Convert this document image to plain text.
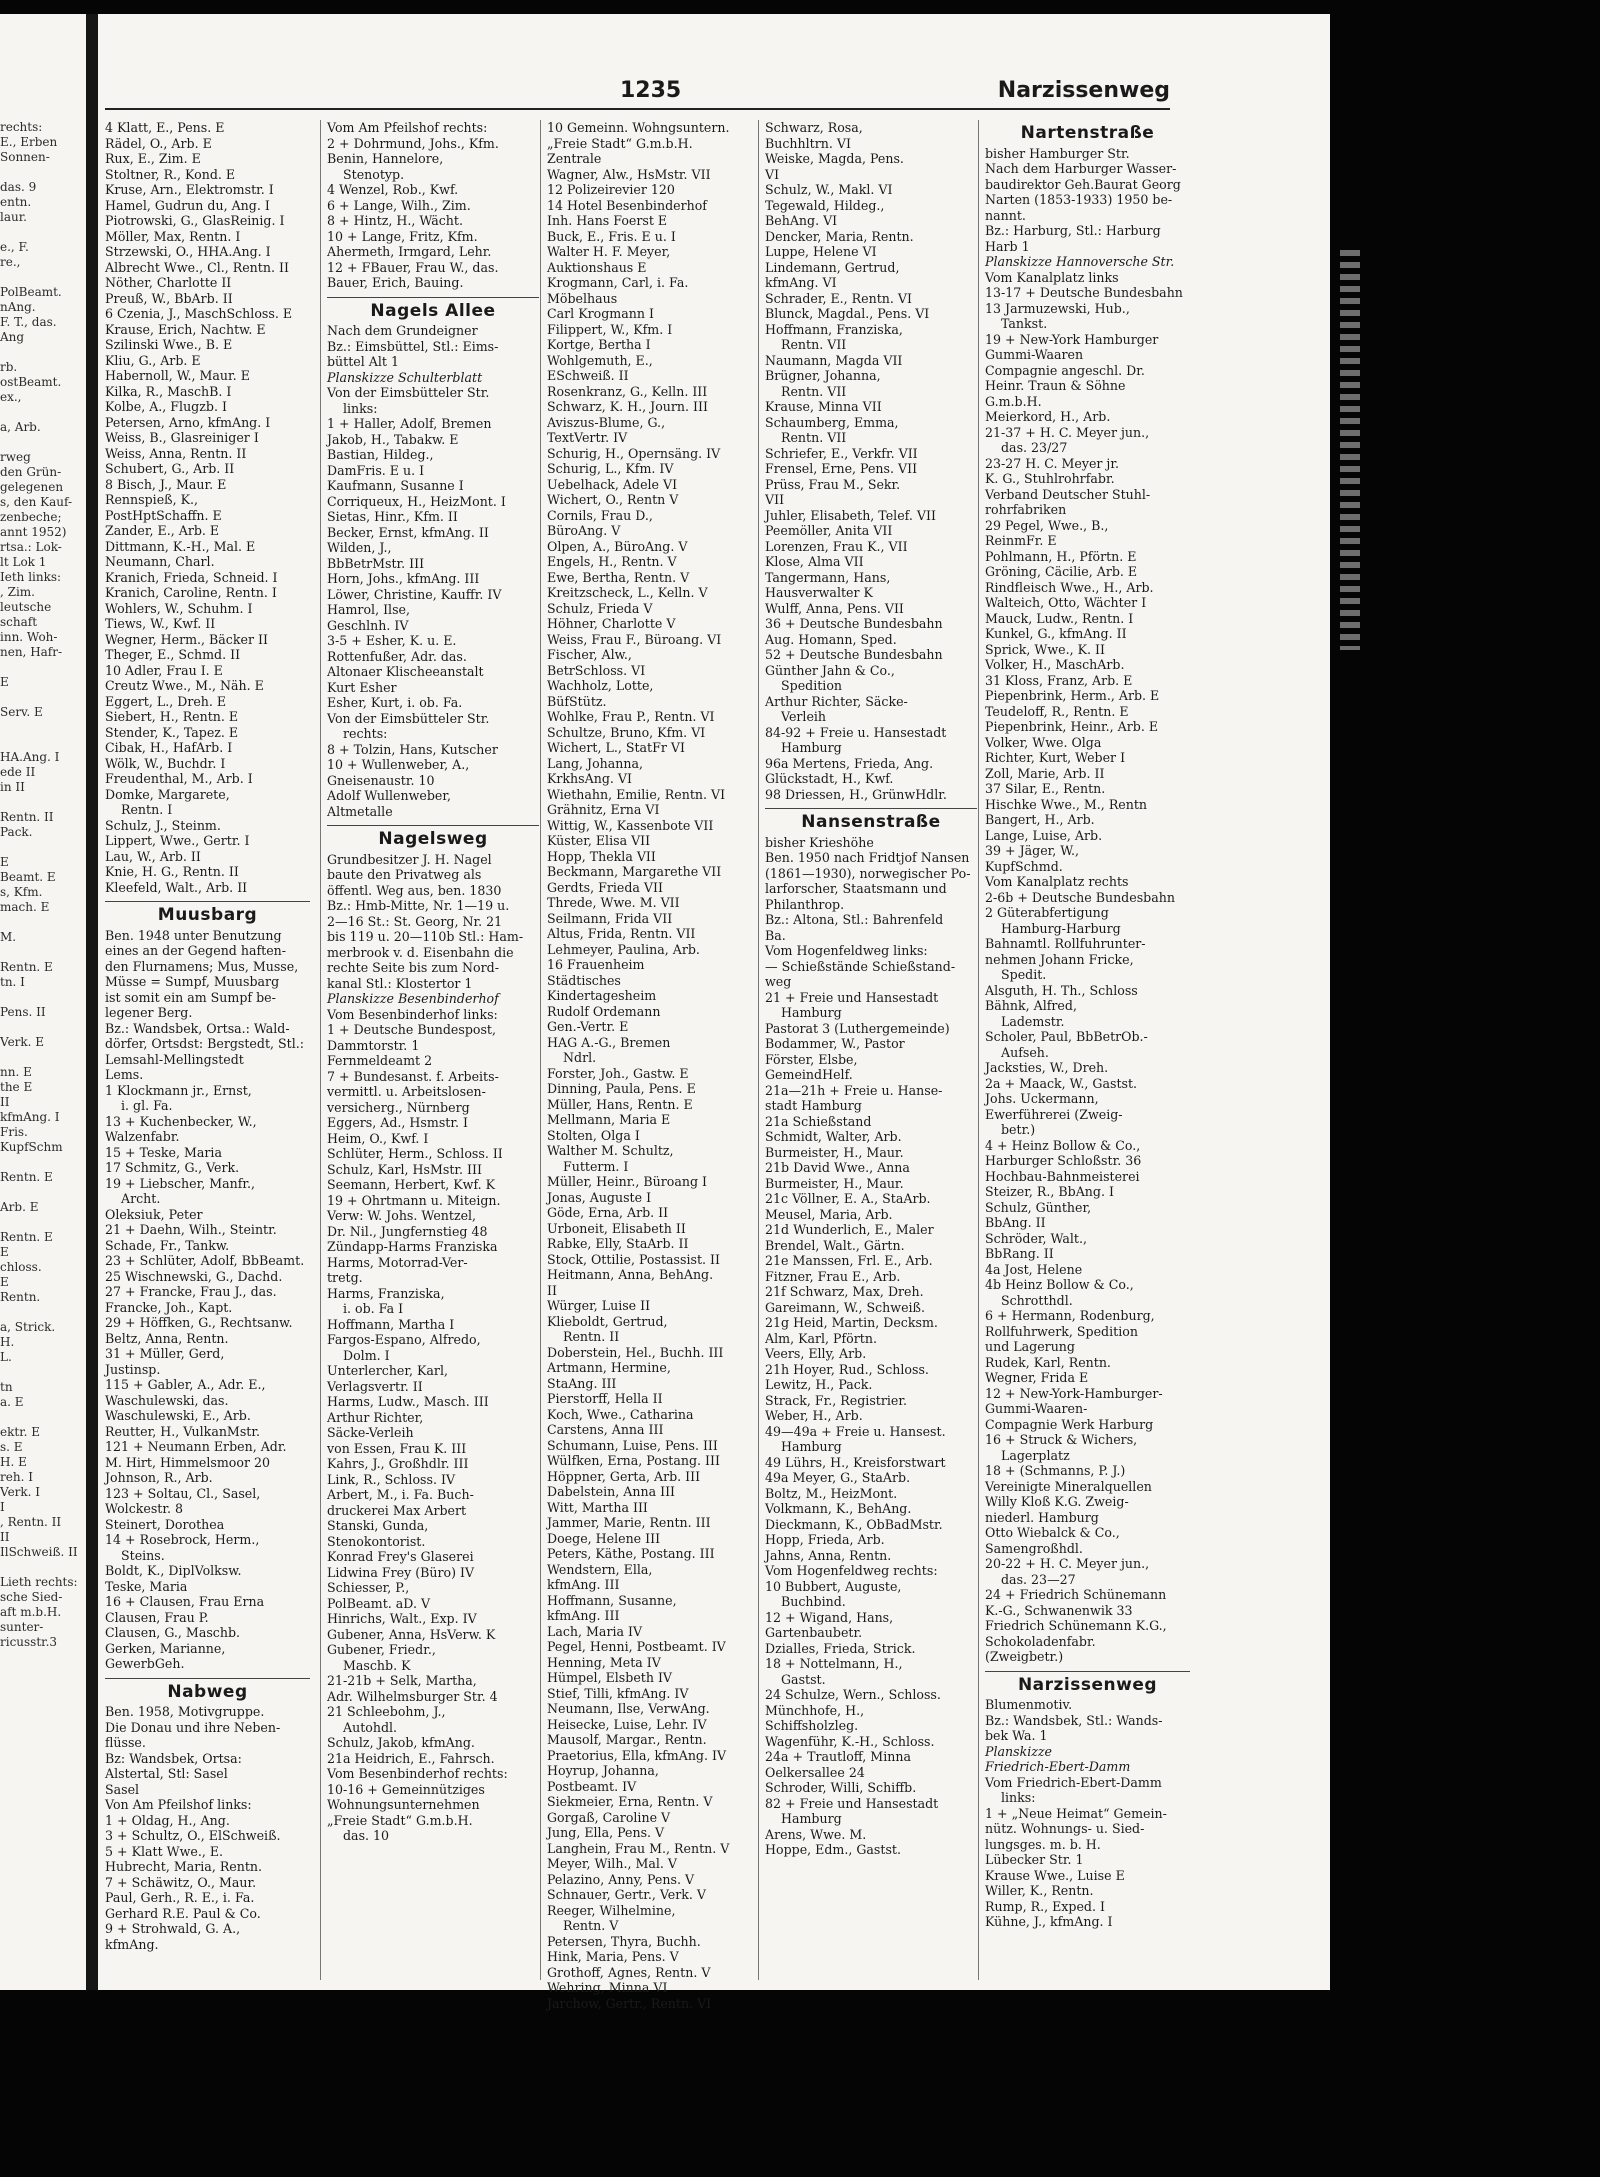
rechts:
E., Erben
Sonnen-

das. 9
entn.
laur.

e., F.
re.,

PolBeamt.
nAng.
F. T., das.
Ang

rb.
ostBeamt.
ex.,

a, Arb.

rweg
den Grün-
gelegenen
s, den Kauf-
zenbeche;
annt 1952)
rtsa.: Lok-
lt Lok 1
Ieth links:
, Zim.
leutsche
schaft
inn. Woh-
nen, Hafr-

E

Serv. E

HA.Ang. I
ede II
in II

Rentn. II
Pack.

E
Beamt. E
s, Kfm.
mach. E

M.

Rentn. E
tn. I

Pens. II

Verk. E

nn. E
the E
II
kfmAng. I
Fris.
KupfSchm

Rentn. E

Arb. E

Rentn. E
E
chloss.
E
Rentn.

a, Strick.
H.
L.

tn
a. E

ektr. E
s. E
H. E
reh. I
Verk. I
I
, Rentn. II
II
IlSchweiß. II

Lieth rechts:
sche Sied-
aft m.b.H.
sunter-
ricusstr.3
1235	Narzissenweg
4 Klatt, E., Pens. E
Rädel, O., Arb. E
Rux, E., Zim. E
Stoltner, R., Kond. E
Kruse, Arn., Elektromstr. I
Hamel, Gudrun du, Ang. I
Piotrowski, G., GlasReinig. I
Möller, Max, Rentn. I
Strzewski, O., HHA.Ang. I
Albrecht Wwe., Cl., Rentn. II
Nöther, Charlotte II
Preuß, W., BbArb. II
6 Czenia, J., MaschSchloss. E
Krause, Erich, Nachtw. E
Szilinski Wwe., B. E
Kliu, G., Arb. E
Habernoll, W., Maur. E
Kilka, R., MaschB. I
Kolbe, A., Flugzb. I
Petersen, Arno, kfmAng. I
Weiss, B., Glasreiniger I
Weiss, Anna, Rentn. II
Schubert, G., Arb. II
8 Bisch, J., Maur. E
Rennspieß, K.,
PostHptSchaffn. E
Zander, E., Arb. E
Dittmann, K.-H., Mal. E
Neumann, Charl.
Kranich, Frieda, Schneid. I
Kranich, Caroline, Rentn. I
Wohlers, W., Schuhm. I
Tiews, W., Kwf. II
Wegner, Herm., Bäcker II
Theger, E., Schmd. II
10 Adler, Frau I. E
Creutz Wwe., M., Näh. E
Eggert, L., Dreh. E
Siebert, H., Rentn. E
Stender, K., Tapez. E
Cibak, H., HafArb. I
Wölk, W., Buchdr. I
Freudenthal, M., Arb. I
Domke, Margarete,
Rentn. I
Schulz, J., Steinm.
Lippert, Wwe., Gertr. I
Lau, W., Arb. II
Knie, H. G., Rentn. II
Kleefeld, Walt., Arb. II
Muusbarg
Ben. 1948 unter Benutzung
eines an der Gegend haften-
den Flurnamens; Mus, Musse,
Müsse = Sumpf, Muusbarg
ist somit ein am Sumpf be-
legener Berg.
Bz.: Wandsbek, Ortsa.: Wald-
dörfer, Ortsdst: Bergstedt, Stl.:
Lemsahl-Mellingstedt
Lems.
1 Klockmann jr., Ernst,
i. gl. Fa.
13 + Kuchenbecker, W.,
Walzenfabr.
15 + Teske, Maria
17 Schmitz, G., Verk.
19 + Liebscher, Manfr.,
Archt.
Oleksiuk, Peter
21 + Daehn, Wilh., Steintr.
Schade, Fr., Tankw.
23 + Schlüter, Adolf, BbBeamt.
25 Wischnewski, G., Dachd.
27 + Francke, Frau J., das.
Francke, Joh., Kapt.
29 + Höffken, G., Rechtsanw.
Beltz, Anna, Rentn.
31 + Müller, Gerd,
Justinsp.
115 + Gabler, A., Adr. E.,
Waschulewski, das.
Waschulewski, E., Arb.
Reutter, H., VulkanMstr.
121 + Neumann Erben, Adr.
M. Hirt, Himmelsmoor 20
Johnson, R., Arb.
123 + Soltau, Cl., Sasel,
Wolckestr. 8
Steinert, Dorothea
14 + Rosebrock, Herm.,
Steins.
Boldt, K., DiplVolksw.
Teske, Maria
16 + Clausen, Frau Erna
Clausen, Frau P.
Clausen, G., Maschb.
Gerken, Marianne,
GewerbGeh.
Nabweg
Ben. 1958, Motivgruppe.
Die Donau und ihre Neben-
flüsse.
Bz: Wandsbek, Ortsa:
Alstertal, Stl: Sasel
Sasel
Von Am Pfeilshof links:
1 + Oldag, H., Ang.
3 + Schultz, O., ElSchweiß.
5 + Klatt Wwe., E.
Hubrecht, Maria, Rentn.
7 + Schäwitz, O., Maur.
Paul, Gerh., R. E., i. Fa.
Gerhard R.E. Paul & Co.
9 + Strohwald, G. A.,
kfmAng.
Vom Am Pfeilshof rechts:
2 + Dohrmund, Johs., Kfm.
Benin, Hannelore,
Stenotyp.
4 Wenzel, Rob., Kwf.
6 + Lange, Wilh., Zim.
8 + Hintz, H., Wächt.
10 + Lange, Fritz, Kfm.
Ahermeth, Irmgard, Lehr.
12 + FBauer, Frau W., das.
Bauer, Erich, Bauing.
Nagels Allee
Nach dem Grundeigner
Bz.: Eimsbüttel, Stl.: Eims-
büttel Alt 1
Planskizze Schulterblatt
Von der Eimsbütteler Str.
links:
1 + Haller, Adolf, Bremen
Jakob, H., Tabakw. E
Bastian, Hildeg.,
DamFris. E u. I
Kaufmann, Susanne I
Corriqueux, H., HeizMont. I
Sietas, Hinr., Kfm. II
Becker, Ernst, kfmAng. II
Wilden, J.,
BbBetrMstr. III
Horn, Johs., kfmAng. III
Löwer, Christine, Kauffr. IV
Hamrol, Ilse,
Geschlnh. IV
3-5 + Esher, K. u. E.
Rottenfußer, Adr. das.
Altonaer Klischeeanstalt
Kurt Esher
Esher, Kurt, i. ob. Fa.
Von der Eimsbütteler Str.
rechts:
8 + Tolzin, Hans, Kutscher
10 + Wullenweber, A.,
Gneisenaustr. 10
Adolf Wullenweber,
Altmetalle
Nagelsweg
Grundbesitzer J. H. Nagel
baute den Privatweg als
öffentl. Weg aus, ben. 1830
Bz.: Hmb-Mitte, Nr. 1—19 u.
2—16 St.: St. Georg, Nr. 21
bis 119 u. 20—110b Stl.: Ham-
merbrook v. d. Eisenbahn die
rechte Seite bis zum Nord-
kanal Stl.: Klostertor 1
Planskizze Besenbinderhof
Vom Besenbinderhof links:
1 + Deutsche Bundespost,
Dammtorstr. 1
Fernmeldeamt 2
7 + Bundesanst. f. Arbeits-
vermittl. u. Arbeitslosen-
versicherg., Nürnberg
Eggers, Ad., Hsmstr. I
Heim, O., Kwf. I
Schlüter, Herm., Schloss. II
Schulz, Karl, HsMstr. III
Seemann, Herbert, Kwf. K
19 + Ohrtmann u. Miteign.
Verw: W. Johs. Wentzel,
Dr. Nil., Jungfernstieg 48
Zündapp-Harms Franziska
Harms, Motorrad-Ver-
tretg.
Harms, Franziska,
i. ob. Fa I
Hoffmann, Martha I
Fargos-Espano, Alfredo,
Dolm. I
Unterlercher, Karl,
Verlagsvertr. II
Harms, Ludw., Masch. III
Arthur Richter,
Säcke-Verleih
von Essen, Frau K. III
Kahrs, J., Großhdlr. III
Link, R., Schloss. IV
Arbert, M., i. Fa. Buch-
druckerei Max Arbert
Stanski, Gunda,
Stenokontorist.
Konrad Frey's Glaserei
Lidwina Frey (Büro) IV
Schiesser, P.,
PolBeamt. aD. V
Hinrichs, Walt., Exp. IV
Gubener, Anna, HsVerw. K
Gubener, Friedr.,
Maschb. K
21-21b + Selk, Martha,
Adr. Wilhelmsburger Str. 4
21 Schleebohm, J.,
Autohdl.
Schulz, Jakob, kfmAng.
21a Heidrich, E., Fahrsch.
Vom Besenbinderhof rechts:
10-16 + Gemeinnütziges
Wohnungsunternehmen
„Freie Stadt“ G.m.b.H.
das. 10
10 Gemeinn. Wohngsuntern.
„Freie Stadt“ G.m.b.H.
Zentrale
Wagner, Alw., HsMstr. VII
12 Polizeirevier 120
14 Hotel Besenbinderhof
Inh. Hans Foerst E
Buck, E., Fris. E u. I
Walter H. F. Meyer,
Auktionshaus E
Krogmann, Carl, i. Fa.
Möbelhaus
Carl Krogmann I
Filippert, W., Kfm. I
Kortge, Bertha I
Wohlgemuth, E.,
ESchweiß. II
Rosenkranz, G., Kelln. III
Schwarz, K. H., Journ. III
Aviszus-Blume, G.,
TextVertr. IV
Schurig, H., Opernsäng. IV
Schurig, L., Kfm. IV
Uebelhack, Adele VI
Wichert, O., Rentn V
Cornils, Frau D.,
BüroAng. V
Olpen, A., BüroAng. V
Engels, H., Rentn. V
Ewe, Bertha, Rentn. V
Kreitzscheck, L., Kelln. V
Schulz, Frieda V
Höhner, Charlotte V
Weiss, Frau F., Büroang. VI
Fischer, Alw.,
BetrSchloss. VI
Wachholz, Lotte,
BüfStütz.
Wohlke, Frau P., Rentn. VI
Schultze, Bruno, Kfm. VI
Wichert, L., StatFr VI
Lang, Johanna,
KrkhsAng. VI
Wiethahn, Emilie, Rentn. VI
Grähnitz, Erna VI
Wittig, W., Kassenbote VII
Küster, Elisa VII
Hopp, Thekla VII
Beckmann, Margarethe VII
Gerdts, Frieda VII
Threde, Wwe. M. VII
Seilmann, Frida VII
Altus, Frida, Rentn. VII
Lehmeyer, Paulina, Arb.
16 Frauenheim
Städtisches
Kindertagesheim
Rudolf Ordemann
Gen.-Vertr. E
HAG A.-G., Bremen
Ndrl.
Forster, Joh., Gastw. E
Dinning, Paula, Pens. E
Müller, Hans, Rentn. E
Mellmann, Maria E
Stolten, Olga I
Walther M. Schultz,
Futterm. I
Müller, Heinr., Büroang I
Jonas, Auguste I
Göde, Erna, Arb. II
Urboneit, Elisabeth II
Rabke, Elly, StaArb. II
Stock, Ottilie, Postassist. II
Heitmann, Anna, BehAng.
II
Würger, Luise II
Klieboldt, Gertrud,
Rentn. II
Doberstein, Hel., Buchh. III
Artmann, Hermine,
StaAng. III
Pierstorff, Hella II
Koch, Wwe., Catharina
Carstens, Anna III
Schumann, Luise, Pens. III
Wülfken, Erna, Postang. III
Höppner, Gerta, Arb. III
Dabelstein, Anna III
Witt, Martha III
Jammer, Marie, Rentn. III
Doege, Helene III
Peters, Käthe, Postang. III
Wendstern, Ella,
kfmAng. III
Hoffmann, Susanne,
kfmAng. III
Lach, Maria IV
Pegel, Henni, Postbeamt. IV
Henning, Meta IV
Hümpel, Elsbeth IV
Stief, Tilli, kfmAng. IV
Neumann, Ilse, VerwAng.
Heisecke, Luise, Lehr. IV
Mausolf, Margar., Rentn.
Praetorius, Ella, kfmAng. IV
Hoyrup, Johanna,
Postbeamt. IV
Siekmeier, Erna, Rentn. V
Gorgaß, Caroline V
Jung, Ella, Pens. V
Langhein, Frau M., Rentn. V
Meyer, Wilh., Mal. V
Pelazino, Anny, Pens. V
Schnauer, Gertr., Verk. V
Reeger, Wilhelmine,
Rentn. V
Petersen, Thyra, Buchh.
Hink, Maria, Pens. V
Grothoff, Agnes, Rentn. V
Wehring, Minna VI
Jarchow, Gertr., Rentn. VI
Schwarz, Rosa,
Buchhltrn. VI
Weiske, Magda, Pens.
VI
Schulz, W., Makl. VI
Tegewald, Hildeg.,
BehAng. VI
Dencker, Maria, Rentn.
Luppe, Helene VI
Lindemann, Gertrud,
kfmAng. VI
Schrader, E., Rentn. VI
Blunck, Magdal., Pens. VI
Hoffmann, Franziska,
Rentn. VII
Naumann, Magda VII
Brügner, Johanna,
Rentn. VII
Krause, Minna VII
Schaumberg, Emma,
Rentn. VII
Schriefer, E., Verkfr. VII
Frensel, Erne, Pens. VII
Prüss, Frau M., Sekr.
VII
Juhler, Elisabeth, Telef. VII
Peemöller, Anita VII
Lorenzen, Frau K., VII
Klose, Alma VII
Tangermann, Hans,
Hausverwalter K
Wulff, Anna, Pens. VII
36 + Deutsche Bundesbahn
Aug. Homann, Sped.
52 + Deutsche Bundesbahn
Günther Jahn & Co.,
Spedition
Arthur Richter, Säcke-
Verleih
84-92 + Freie u. Hansestadt
Hamburg
96a Mertens, Frieda, Ang.
Glückstadt, H., Kwf.
98 Driessen, H., GrünwHdlr.
Nansenstraße
bisher Krieshöhe
Ben. 1950 nach Fridtjof Nansen
(1861—1930), norwegischer Po-
larforscher, Staatsmann und
Philanthrop.
Bz.: Altona, Stl.: Bahrenfeld
Ba.
Vom Hogenfeldweg links:
— Schießstände Schießstand-
weg
21 + Freie und Hansestadt
Hamburg
Pastorat 3 (Luthergemeinde)
Bodammer, W., Pastor
Förster, Elsbe,
GemeindHelf.
21a—21h + Freie u. Hanse-
stadt Hamburg
21a Schießstand
Schmidt, Walter, Arb.
Burmeister, H., Maur.
21b David Wwe., Anna
Burmeister, H., Maur.
21c Völlner, E. A., StaArb.
Meusel, Maria, Arb.
21d Wunderlich, E., Maler
Brendel, Walt., Gärtn.
21e Manssen, Frl. E., Arb.
Fitzner, Frau E., Arb.
21f Schwarz, Max, Dreh.
Gareimann, W., Schweiß.
21g Heid, Martin, Decksm.
Alm, Karl, Pförtn.
Veers, Elly, Arb.
21h Hoyer, Rud., Schloss.
Lewitz, H., Pack.
Strack, Fr., Registrier.
Weber, H., Arb.
49—49a + Freie u. Hansest.
Hamburg
49 Lührs, H., Kreisforstwart
49a Meyer, G., StaArb.
Boltz, M., HeizMont.
Volkmann, K., BehAng.
Dieckmann, K., ObBadMstr.
Hopp, Frieda, Arb.
Jahns, Anna, Rentn.
Vom Hogenfeldweg rechts:
10 Bubbert, Auguste,
Buchbind.
12 + Wigand, Hans,
Gartenbaubetr.
Dzialles, Frieda, Strick.
18 + Nottelmann, H.,
Gastst.
24 Schulze, Wern., Schloss.
Münchhofe, H.,
Schiffsholzleg.
Wagenführ, K.-H., Schloss.
24a + Trautloff, Minna
Oelkersallee 24
Schroder, Willi, Schiffb.
82 + Freie und Hansestadt
Hamburg
Arens, Wwe. M.
Hoppe, Edm., Gastst.
Nartenstraße
bisher Hamburger Str.
Nach dem Harburger Wasser-
baudirektor Geh.Baurat Georg
Narten (1853-1933) 1950 be-
nannt.
Bz.: Harburg, Stl.: Harburg
Harb 1
Planskizze Hannoversche Str.
Vom Kanalplatz links
13-17 + Deutsche Bundesbahn
13 Jarmuzewski, Hub.,
Tankst.
19 + New-York Hamburger
Gummi-Waaren
Compagnie angeschl. Dr.
Heinr. Traun & Söhne
G.m.b.H.
Meierkord, H., Arb.
21-37 + H. C. Meyer jun.,
das. 23/27
23-27 H. C. Meyer jr.
K. G., Stuhlrohrfabr.
Verband Deutscher Stuhl-
rohrfabriken
29 Pegel, Wwe., B.,
ReinmFr. E
Pohlmann, H., Pförtn. E
Gröning, Cäcilie, Arb. E
Rindfleisch Wwe., H., Arb.
Walteich, Otto, Wächter I
Mauck, Ludw., Rentn. I
Kunkel, G., kfmAng. II
Sprick, Wwe., K. II
Volker, H., MaschArb.
31 Kloss, Franz, Arb. E
Piepenbrink, Herm., Arb. E
Teudeloff, R., Rentn. E
Piepenbrink, Heinr., Arb. E
Volker, Wwe. Olga
Richter, Kurt, Weber I
Zoll, Marie, Arb. II
37 Silar, E., Rentn.
Hischke Wwe., M., Rentn
Bangert, H., Arb.
Lange, Luise, Arb.
39 + Jäger, W.,
KupfSchmd.
Vom Kanalplatz rechts
2-6b + Deutsche Bundesbahn
2 Güterabfertigung
Hamburg-Harburg
Bahnamtl. Rollfuhrunter-
nehmen Johann Fricke,
Spedit.
Alsguth, H. Th., Schloss
Bähnk, Alfred,
Lademstr.
Scholer, Paul, BbBetrOb.-
Aufseh.
Jacksties, W., Dreh.
2a + Maack, W., Gastst.
Johs. Uckermann,
Ewerführerei (Zweig-
betr.)
4 + Heinz Bollow & Co.,
Harburger Schloßstr. 36
Hochbau-Bahnmeisterei
Steizer, R., BbAng. I
Schulz, Günther,
BbAng. II
Schröder, Walt.,
BbRang. II
4a Jost, Helene
4b Heinz Bollow & Co.,
Schrotthdl.
6 + Hermann, Rodenburg,
Rollfuhrwerk, Spedition
und Lagerung
Rudek, Karl, Rentn.
Wegner, Frida E
12 + New-York-Hamburger-
Gummi-Waaren-
Compagnie Werk Harburg
16 + Struck & Wichers,
Lagerplatz
18 + (Schmanns, P. J.)
Vereinigte Mineralquellen
Willy Kloß K.G. Zweig-
niederl. Hamburg
Otto Wiebalck & Co.,
Samengroßhdl.
20-22 + H. C. Meyer jun.,
das. 23—27
24 + Friedrich Schünemann
K.-G., Schwanenwik 33
Friedrich Schünemann K.G.,
Schokoladenfabr.
(Zweigbetr.)
Narzissenweg
Blumenmotiv.
Bz.: Wandsbek, Stl.: Wands-
bek Wa. 1
Planskizze
Friedrich-Ebert-Damm
Vom Friedrich-Ebert-Damm
links:
1 + „Neue Heimat“ Gemein-
nütz. Wohnungs- u. Sied-
lungsges. m. b. H.
Lübecker Str. 1
Krause Wwe., Luise E
Willer, K., Rentn.
Rump, R., Exped. I
Kühne, J., kfmAng. I
